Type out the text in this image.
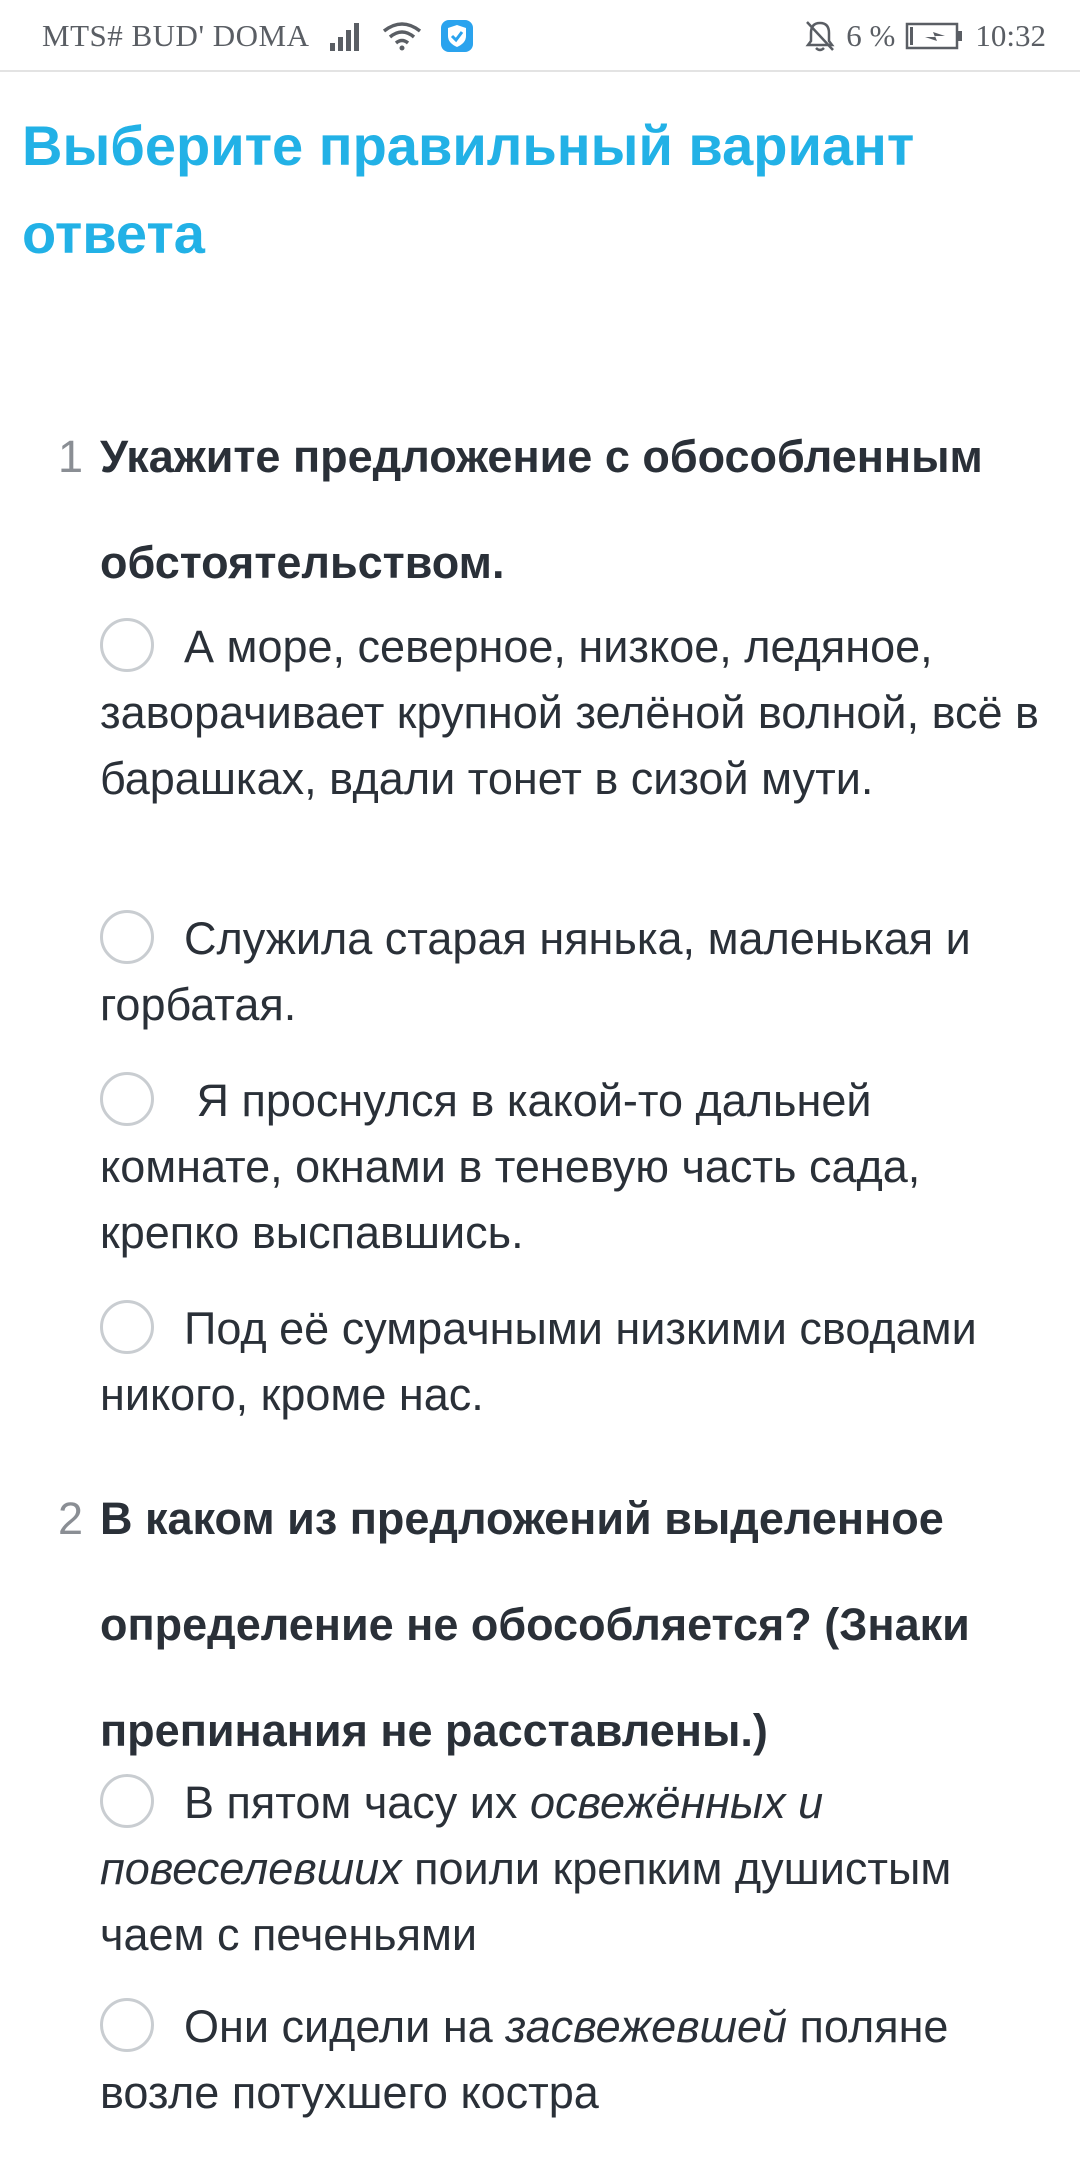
MTS# BUD' DOMA	6 %	10:32
Выберите правильный вариант ответа
1 Укажите предложение с обособленным обстоятельством.

А море, северное, низкое, ледяное, заворачивает крупной зелёной волной, всё в барашках, вдали тонет в сизой мути.
Служила старая нянька, маленькая и горбатая.
Я проснулся в какой-то дальней комнате, окнами в теневую часть сада, крепко выспавшись.
Под её сумрачными низкими сводами никого, кроме нас.
2 В каком из предложений выделенное определение не обособляется? (Знаки препинания не расставлены.)

В пятом часу их освежённых и повеселевших поили крепким душистым чаем с печеньями
Они сидели на засвежевшей поляне возле потухшего костра
